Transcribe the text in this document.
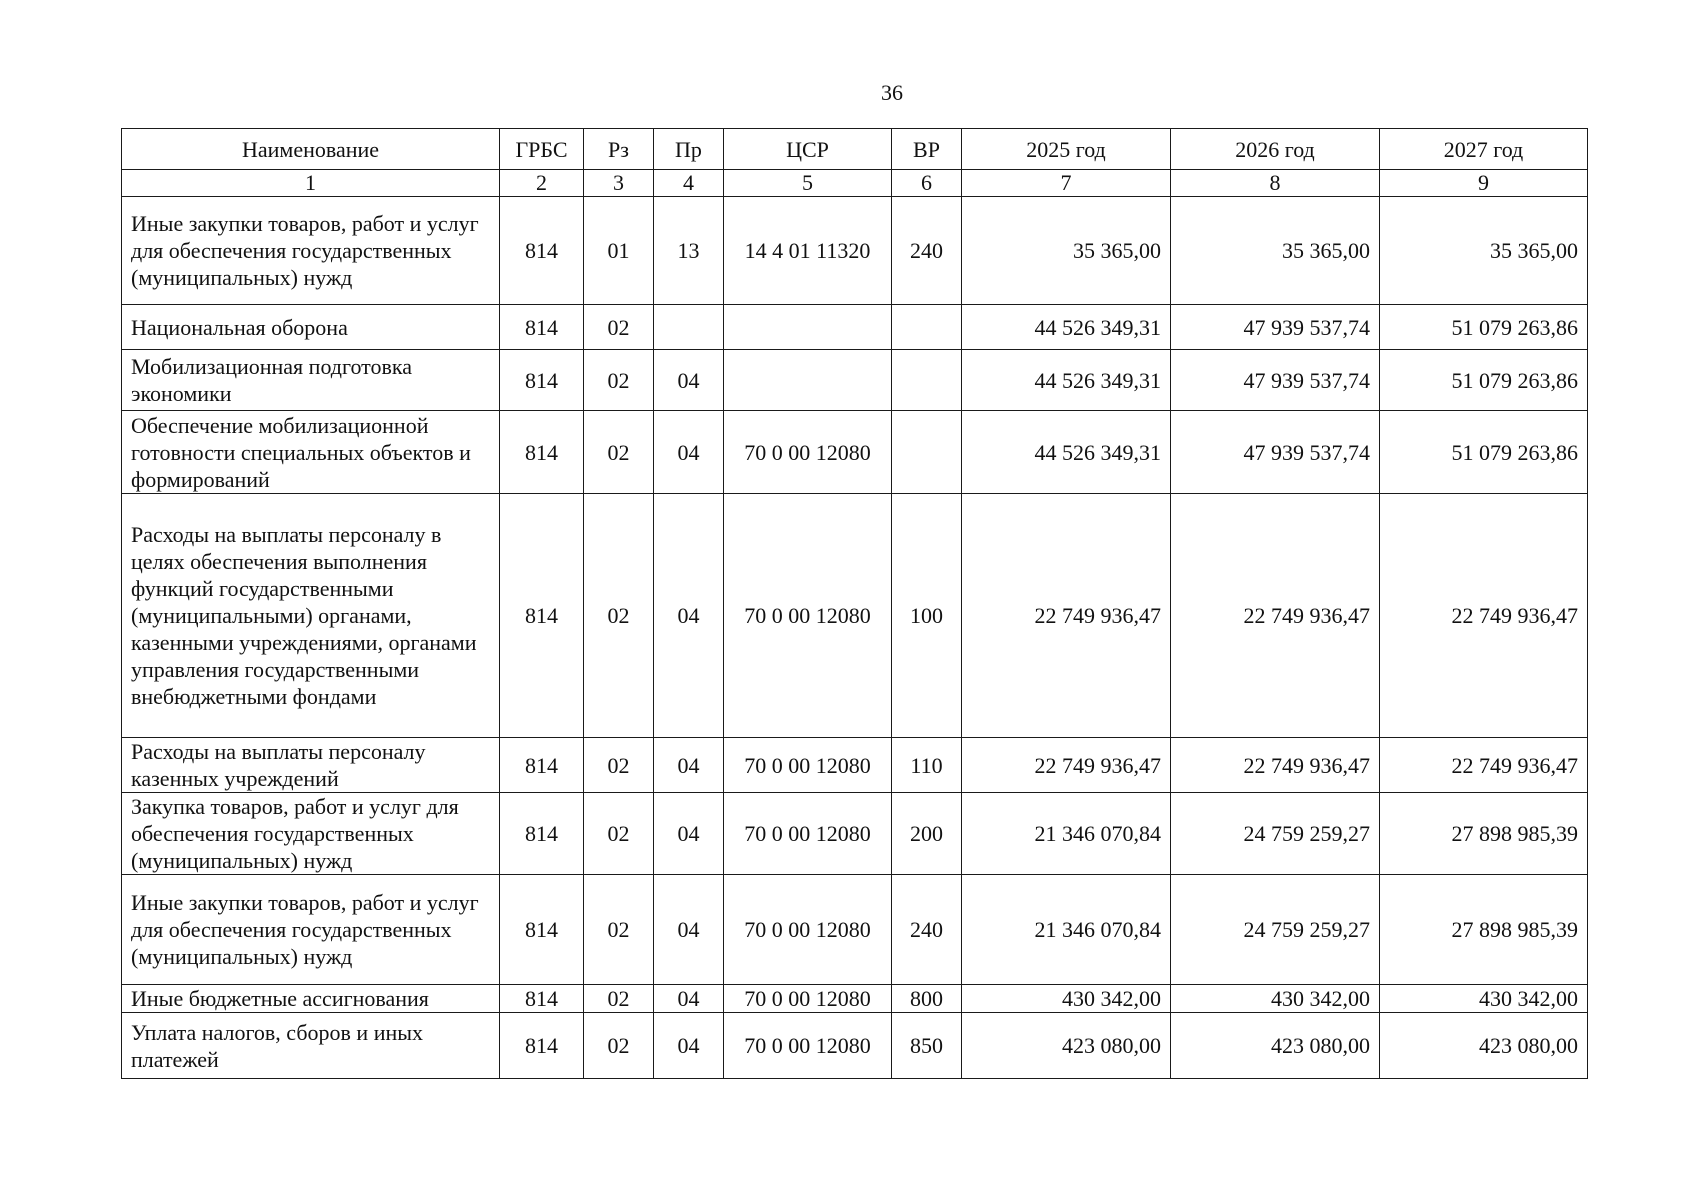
36
Наименование	ГРБС	Рз	Пр	ЦСР	ВР	2025 год	2026 год	2027 год
1	2	3	4	5	6	7	8	9
Иные закупки товаров, работ и услуг для обеспечения государственных (муниципальных) нужд	814	01	13	14 4 01 11320	240	35 365,00	35 365,00	35 365,00
Национальная оборона	814	02				44 526 349,31	47 939 537,74	51 079 263,86
Мобилизационная подготовка экономики	814	02	04			44 526 349,31	47 939 537,74	51 079 263,86
Обеспечение мобилизационной готовности специальных объектов и формирований	814	02	04	70 0 00 12080		44 526 349,31	47 939 537,74	51 079 263,86
Расходы на выплаты персоналу в целях обеспечения выполнения функций государственными (муниципальными) органами, казенными учреждениями, органами управления государственными внебюджетными фондами	814	02	04	70 0 00 12080	100	22 749 936,47	22 749 936,47	22 749 936,47
Расходы на выплаты персоналу казенных учреждений	814	02	04	70 0 00 12080	110	22 749 936,47	22 749 936,47	22 749 936,47
Закупка товаров, работ и услуг для обеспечения государственных (муниципальных) нужд	814	02	04	70 0 00 12080	200	21 346 070,84	24 759 259,27	27 898 985,39
Иные закупки товаров, работ и услуг для обеспечения государственных (муниципальных) нужд	814	02	04	70 0 00 12080	240	21 346 070,84	24 759 259,27	27 898 985,39
Иные бюджетные ассигнования	814	02	04	70 0 00 12080	800	430 342,00	430 342,00	430 342,00
Уплата налогов, сборов и иных платежей	814	02	04	70 0 00 12080	850	423 080,00	423 080,00	423 080,00
